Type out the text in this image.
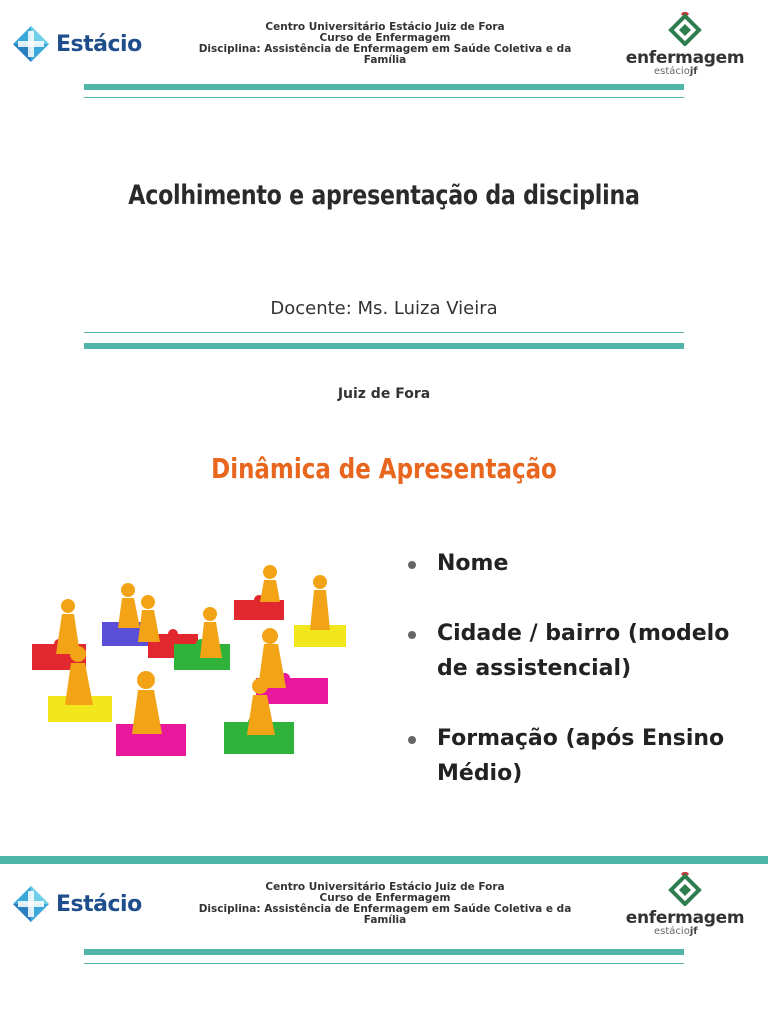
Estácio
Centro Universitário Estácio Juiz de Fora
Curso de Enfermagem
Disciplina: Assistência de Enfermagem em Saúde Coletiva e da Família	enfermagem
estáciojf
Acolhimento e apresentação da disciplina
Docente: Ms. Luiza Vieira
Juiz de Fora
Dinâmica de Apresentação
Nome
Cidade / bairro (modelo de assistencial)
Formação (após Ensino Médio)
Estácio
Centro Universitário Estácio Juiz de Fora
Curso de Enfermagem
Disciplina: Assistência de Enfermagem em Saúde Coletiva e da Família	enfermagem
estáciojf
